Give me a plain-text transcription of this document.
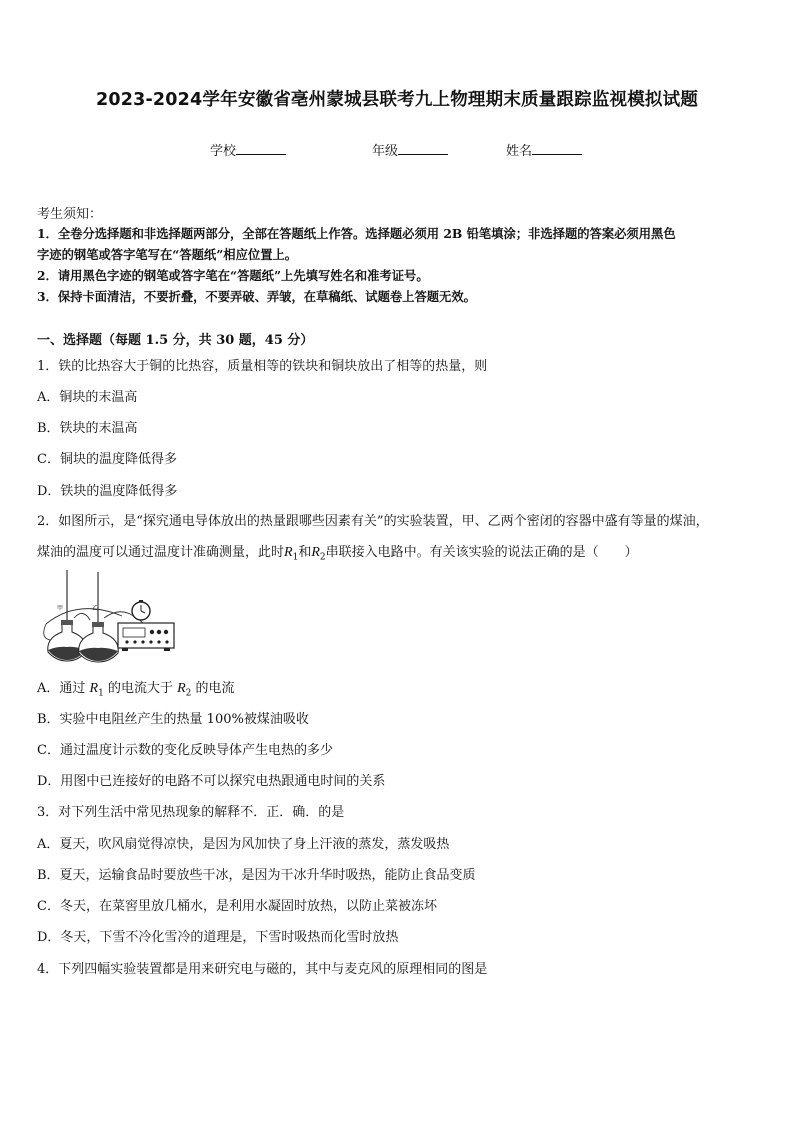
2023-2024学年安徽省亳州蒙城县联考九上物理期末质量跟踪监视模拟试题
学校	年级	姓名
考生须知：
1．全卷分选择题和非选择题两部分，全部在答题纸上作答。选择题必须用 2B 铅笔填涂；非选择题的答案必须用黑色
字迹的钢笔或答字笔写在“答题纸”相应位置上。
2．请用黑色字迹的钢笔或答字笔在“答题纸”上先填写姓名和准考证号。
3．保持卡面清洁，不要折叠，不要弄破、弄皱，在草稿纸、试题卷上答题无效。
一、选择题（每题 1.5 分，共 30 题，45 分）
1．铁的比热容大于铜的比热容，质量相等的铁块和铜块放出了相等的热量，则
A．铜块的末温高
B．铁块的末温高
C．铜块的温度降低得多
D．铁块的温度降低得多
2．如图所示，是“探究通电导体放出的热量跟哪些因素有关”的实验装置，甲、乙两个密闭的容器中盛有等量的煤油，
煤油的温度可以通过温度计准确测量，此时$R_1$和$R_2$串联接入电路中。有关该实验的说法正确的是（　　）
甲	乙
A．通过 $R_1$ 的电流大于 $R_2$ 的电流
B．实验中电阻丝产生的热量 100%被煤油吸收
C．通过温度计示数的变化反映导体产生电热的多少
D．用图中已连接好的电路不可以探究电热跟通电时间的关系
3．对下列生活中常见热现象的解释不．正．确．的是
A．夏天，吹风扇觉得凉快，是因为风加快了身上汗液的蒸发，蒸发吸热
B．夏天，运输食品时要放些干冰，是因为干冰升华时吸热，能防止食品变质
C．冬天，在菜窖里放几桶水，是利用水凝固时放热，以防止菜被冻坏
D．冬天，下雪不冷化雪冷的道理是，下雪时吸热而化雪时放热
4．下列四幅实验装置都是用来研究电与磁的，其中与麦克风的原理相同的图是
